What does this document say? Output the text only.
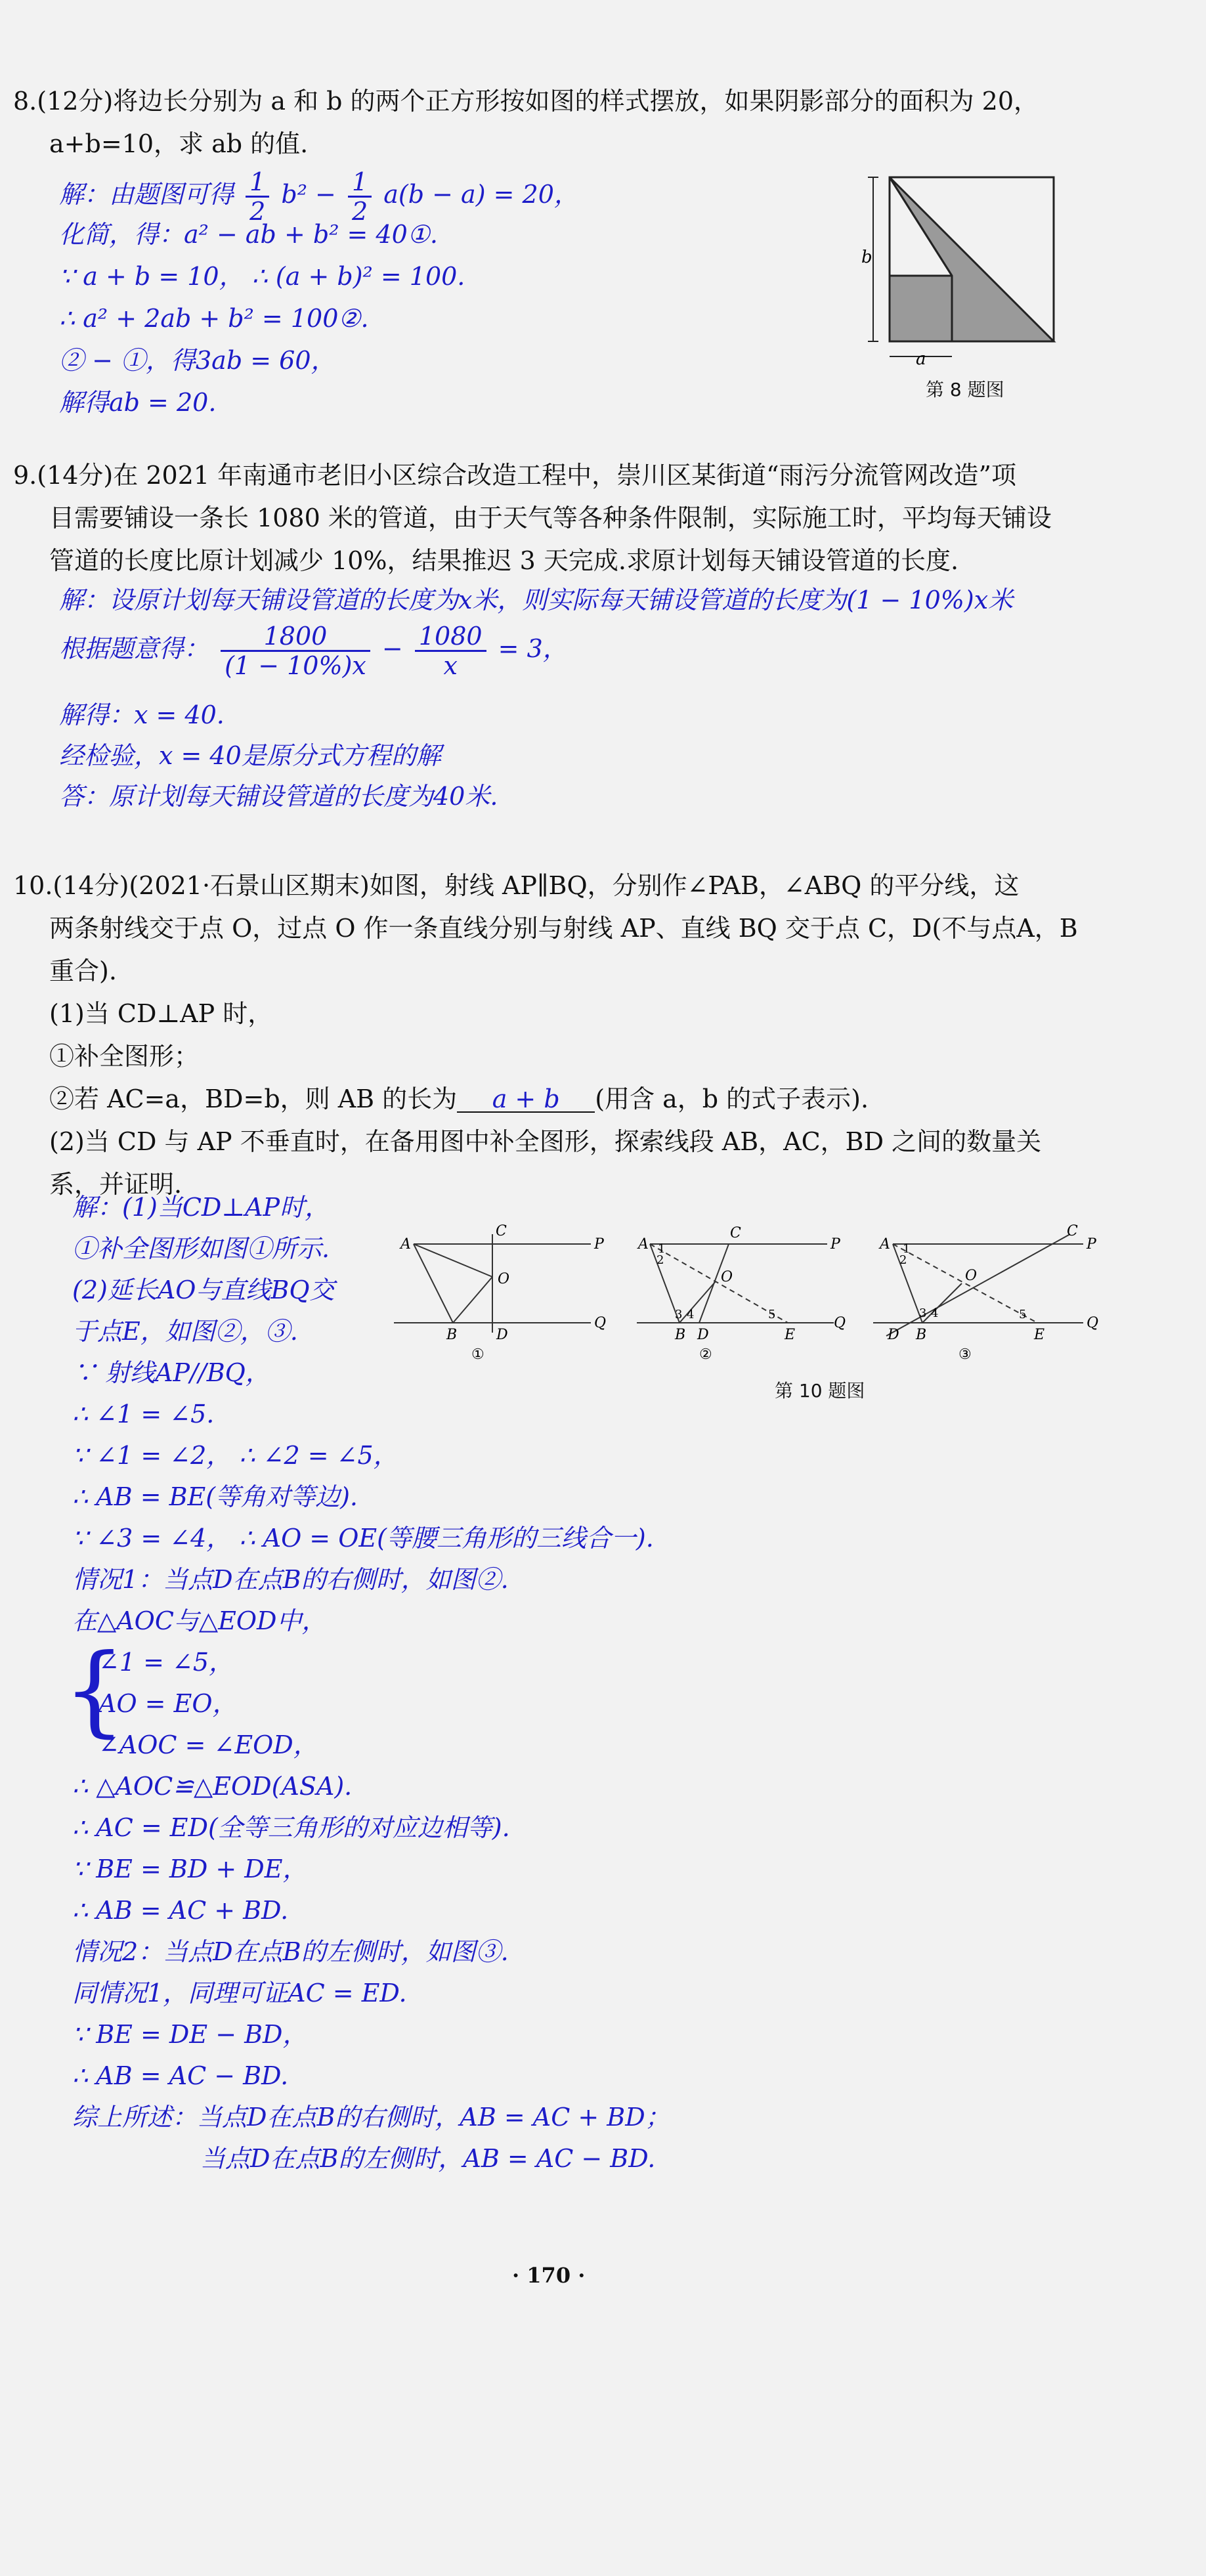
8.(12分)将边长分别为 a 和 b 的两个正方形按如图的样式摆放，如果阴影部分的面积为 20，
a+b=10，求 ab 的值.
解：由题图可得 $\frac{1}{2} b^2 - \frac{1}{2} a(b - a) = 20$，
化简，得：a² − ab + b² = 40①.
∵ a + b = 10， ∴ (a + b)² = 100.
∴ a² + 2ab + b² = 100②.
② − ①，得3ab = 60，
解得ab = 20.
b
a
第 8 题图
9.(14分)在 2021 年南通市老旧小区综合改造工程中，崇川区某街道“雨污分流管网改造”项
目需要铺设一条长 1080 米的管道，由于天气等各种条件限制，实际施工时，平均每天铺设
管道的长度比原计划减少 10%，结果推迟 3 天完成.求原计划每天铺设管道的长度.
解：设原计划每天铺设管道的长度为x米，则实际每天铺设管道的长度为(1 − 10%)x米
根据题意得： $\frac{1800}{(1 - 10\%)x} - \frac{1080}{x} = 3$，
解得：x = 40.
经检验，x = 40是原分式方程的解
答：原计划每天铺设管道的长度为40米.
10.(14分)(2021·石景山区期末)如图，射线 AP∥BQ，分别作∠PAB，∠ABQ 的平分线，这
两条射线交于点 O，过点 O 作一条直线分别与射线 AP、直线 BQ 交于点 C，D(不与点A，B
重合).
(1)当 CD⊥AP 时，
①补全图形；
②若 AC=a，BD=b，则 AB 的长为 a + b (用含 a，b 的式子表示).
(2)当 CD 与 AP 不垂直时，在备用图中补全图形，探索线段 AB，AC，BD 之间的数量关
系，并证明.
A
C
P
O
B	D
Q
①
A
2
1
C
P
O
3 4	5
B D	E
Q
②
A
2
1
C
P
O
3 4	5
D B	E
Q
③
第 10 题图
解：(1)当CD⊥AP时，
①补全图形如图①所示.
(2)延长AO与直线BQ交
于点E，如图②，③.
∵ 射线AP//BQ，
∴ ∠1 = ∠5.
∵ ∠1 = ∠2， ∴ ∠2 = ∠5，
∴ AB = BE(等角对等边).
∵ ∠3 = ∠4， ∴ AO = OE(等腰三角形的三线合一).
情况1：当点D在点B的右侧时，如图②.
在△AOC与△EOD中，
{
∠1 = ∠5，
AO = EO，
∠AOC = ∠EOD，
∴ △AOC≌△EOD(ASA).
∴ AC = ED(全等三角形的对应边相等).
∵ BE = BD + DE，
∴ AB = AC + BD.
情况2：当点D在点B的左侧时，如图③.
同情况1，同理可证AC = ED.
∵ BE = DE − BD，
∴ AB = AC − BD.
综上所述：当点D在点B的右侧时，AB = AC + BD；
当点D在点B的左侧时，AB = AC − BD.
· 170 ·
